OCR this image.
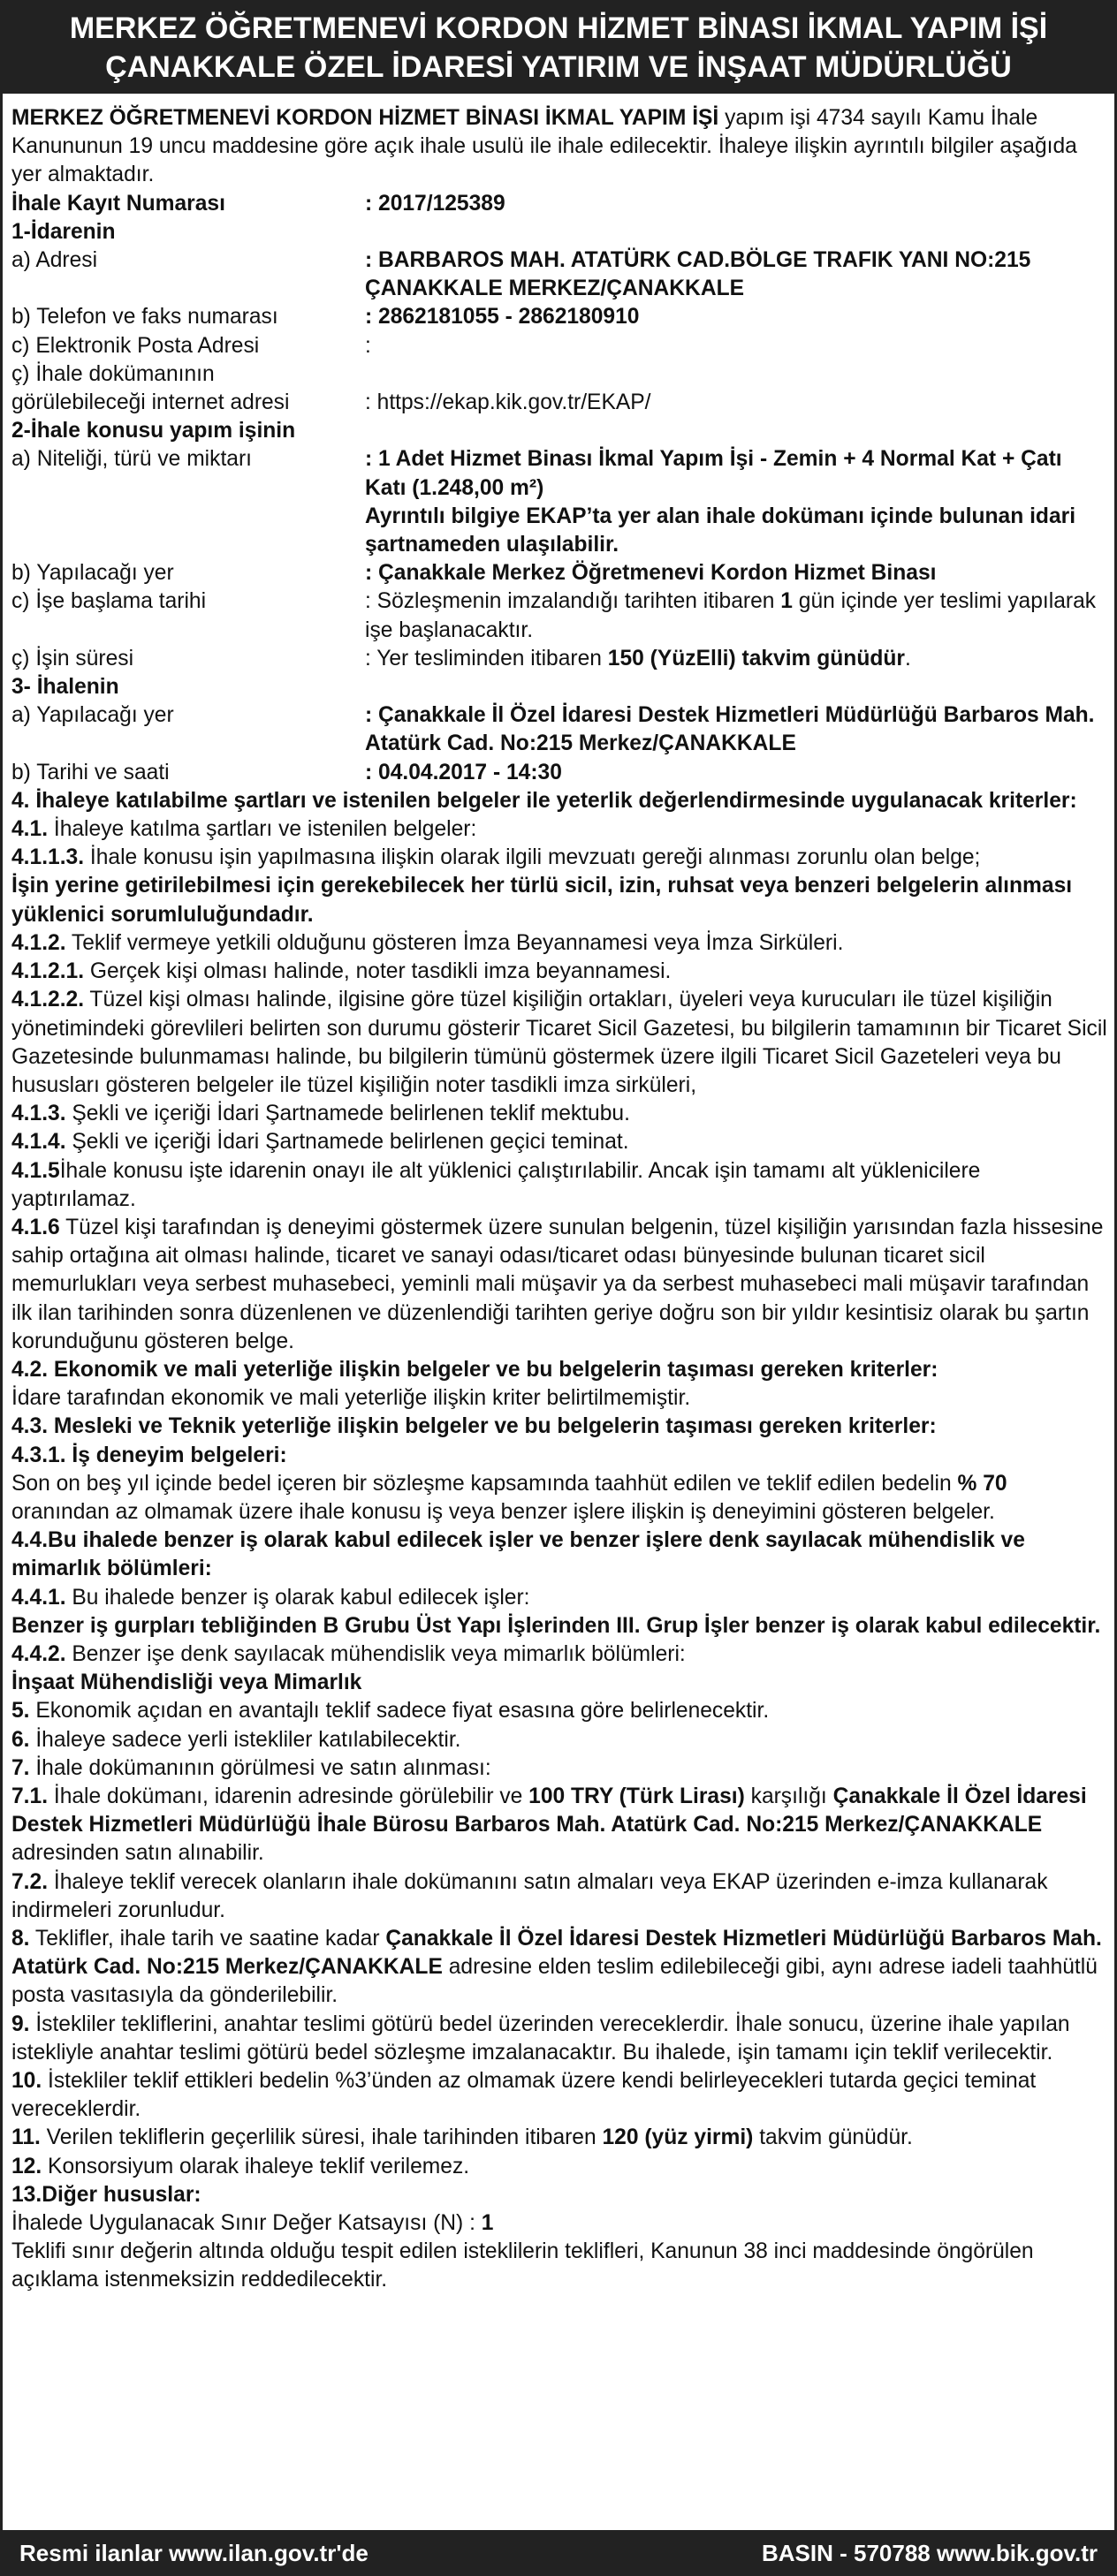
MERKEZ ÖĞRETMENEVİ KORDON HİZMET BİNASI İKMAL YAPIM İŞİ
ÇANAKKALE ÖZEL İDARESİ YATIRIM VE İNŞAAT MÜDÜRLÜĞÜ

MERKEZ ÖĞRETMENEVİ KORDON HİZMET BİNASI İKMAL YAPIM İŞİ yapım işi 4734 sayılı Kamu İhale Kanununun 19 uncu maddesine göre açık ihale usulü ile ihale edilecektir. İhaleye ilişkin ayrıntılı bilgiler aşağıda yer almaktadır.

İhale Kayıt Numarası	: 2017/125389
1-İdarenin
a) Adresi	: BARBAROS MAH. ATATÜRK CAD.BÖLGE TRAFIK YANI NO:215 ÇANAKKALE MERKEZ/ÇANAKKALE
b) Telefon ve faks numarası	: 2862181055 - 2862180910
c) Elektronik Posta Adresi	:
ç) İhale dokümanının
görülebileceği internet adresi	: https://ekap.kik.gov.tr/EKAP/
2-İhale konusu yapım işinin
a) Niteliği, türü ve miktarı	: 1 Adet Hizmet Binası İkmal Yapım İşi - Zemin + 4 Normal Kat + Çatı Katı (1.248,00 m²)
Ayrıntılı bilgiye EKAP’ta yer alan ihale dokümanı içinde bulunan idari şartnameden ulaşılabilir.
b) Yapılacağı yer	: Çanakkale Merkez Öğretmenevi Kordon Hizmet Binası
c) İşe başlama tarihi	: Sözleşmenin imzalandığı tarihten itibaren 1 gün içinde yer teslimi yapılarak işe başlanacaktır.
ç) İşin süresi	: Yer tesliminden itibaren 150 (YüzElli) takvim günüdür.
3- İhalenin
a) Yapılacağı yer	: Çanakkale İl Özel İdaresi Destek Hizmetleri Müdürlüğü Barbaros Mah. Atatürk Cad. No:215 Merkez/ÇANAKKALE
b) Tarihi ve saati	: 04.04.2017 - 14:30
4. İhaleye katılabilme şartları ve istenilen belgeler ile yeterlik değerlendirmesinde uygulanacak kriterler:

4.1. İhaleye katılma şartları ve istenilen belgeler:

4.1.1.3. İhale konusu işin yapılmasına ilişkin olarak ilgili mevzuatı gereği alınması zorunlu olan belge;
İşin yerine getirilebilmesi için gerekebilecek her türlü sicil, izin, ruhsat veya benzeri belgelerin alınması yüklenici sorumluluğundadır.

4.1.2. Teklif vermeye yetkili olduğunu gösteren İmza Beyannamesi veya İmza Sirküleri.

4.1.2.1. Gerçek kişi olması halinde, noter tasdikli imza beyannamesi.

4.1.2.2. Tüzel kişi olması halinde, ilgisine göre tüzel kişiliğin ortakları, üyeleri veya kurucuları ile tüzel kişiliğin yönetimindeki görevlileri belirten son durumu gösterir Ticaret Sicil Gazetesi, bu bilgilerin tamamının bir Ticaret Sicil Gazetesinde bulunmaması halinde, bu bilgilerin tümünü göstermek üzere ilgili Ticaret Sicil Gazeteleri veya bu hususları gösteren belgeler ile tüzel kişiliğin noter tasdikli imza sirküleri,

4.1.3. Şekli ve içeriği İdari Şartnamede belirlenen teklif mektubu.

4.1.4. Şekli ve içeriği İdari Şartnamede belirlenen geçici teminat.

4.1.5İhale konusu işte idarenin onayı ile alt yüklenici çalıştırılabilir. Ancak işin tamamı alt yüklenicilere yaptırılamaz.

4.1.6 Tüzel kişi tarafından iş deneyimi göstermek üzere sunulan belgenin, tüzel kişiliğin yarısından fazla hissesine sahip ortağına ait olması halinde, ticaret ve sanayi odası/ticaret odası bünyesinde bulunan ticaret sicil memurlukları veya serbest muhasebeci, yeminli mali müşavir ya da serbest muhasebeci mali müşavir tarafından ilk ilan tarihinden sonra düzenlenen ve düzenlendiği tarihten geriye doğru son bir yıldır kesintisiz olarak bu şartın korunduğunu gösteren belge.

4.2. Ekonomik ve mali yeterliğe ilişkin belgeler ve bu belgelerin taşıması gereken kriterler:
İdare tarafından ekonomik ve mali yeterliğe ilişkin kriter belirtilmemiştir.

4.3. Mesleki ve Teknik yeterliğe ilişkin belgeler ve bu belgelerin taşıması gereken kriterler:

4.3.1. İş deneyim belgeleri:
Son on beş yıl içinde bedel içeren bir sözleşme kapsamında taahhüt edilen ve teklif edilen bedelin % 70 oranından az olmamak üzere ihale konusu iş veya benzer işlere ilişkin iş deneyimini gösteren belgeler.

4.4.Bu ihalede benzer iş olarak kabul edilecek işler ve benzer işlere denk sayılacak mühendislik ve mimarlık bölümleri:

4.4.1. Bu ihalede benzer iş olarak kabul edilecek işler:
Benzer iş gurpları tebliğinden B Grubu Üst Yapı İşlerinden III. Grup İşler benzer iş olarak kabul edilecektir.

4.4.2. Benzer işe denk sayılacak mühendislik veya mimarlık bölümleri:
İnşaat Mühendisliği veya Mimarlık

5. Ekonomik açıdan en avantajlı teklif sadece fiyat esasına göre belirlenecektir.

6. İhaleye sadece yerli istekliler katılabilecektir.

7. İhale dokümanının görülmesi ve satın alınması:

7.1. İhale dokümanı, idarenin adresinde görülebilir ve 100 TRY (Türk Lirası) karşılığı Çanakkale İl Özel İdaresi Destek Hizmetleri Müdürlüğü İhale Bürosu Barbaros Mah. Atatürk Cad. No:215 Merkez/ÇANAKKALE adresinden satın alınabilir.

7.2. İhaleye teklif verecek olanların ihale dokümanını satın almaları veya EKAP üzerinden e-imza kullanarak indirmeleri zorunludur.

8. Teklifler, ihale tarih ve saatine kadar Çanakkale İl Özel İdaresi Destek Hizmetleri Müdürlüğü Barbaros Mah. Atatürk Cad. No:215 Merkez/ÇANAKKALE adresine elden teslim edilebileceği gibi, aynı adrese iadeli taahhütlü posta vasıtasıyla da gönderilebilir.

9. İstekliler tekliflerini, anahtar teslimi götürü bedel üzerinden vereceklerdir. İhale sonucu, üzerine ihale yapılan istekliyle anahtar teslimi götürü bedel sözleşme imzalanacaktır. Bu ihalede, işin tamamı için teklif verilecektir.

10. İstekliler teklif ettikleri bedelin %3’ünden az olmamak üzere kendi belirleyecekleri tutarda geçici teminat vereceklerdir.

11. Verilen tekliflerin geçerlilik süresi, ihale tarihinden itibaren 120 (yüz yirmi) takvim günüdür.

12. Konsorsiyum olarak ihaleye teklif verilemez.

13.Diğer hususlar:
İhalede Uygulanacak Sınır Değer Katsayısı (N) : 1
Teklifi sınır değerin altında olduğu tespit edilen isteklilerin teklifleri, Kanunun 38 inci maddesinde öngörülen açıklama istenmeksizin reddedilecektir.

Resmi ilanlar www.ilan.gov.tr'de	BASIN - 570788 www.bik.gov.tr
